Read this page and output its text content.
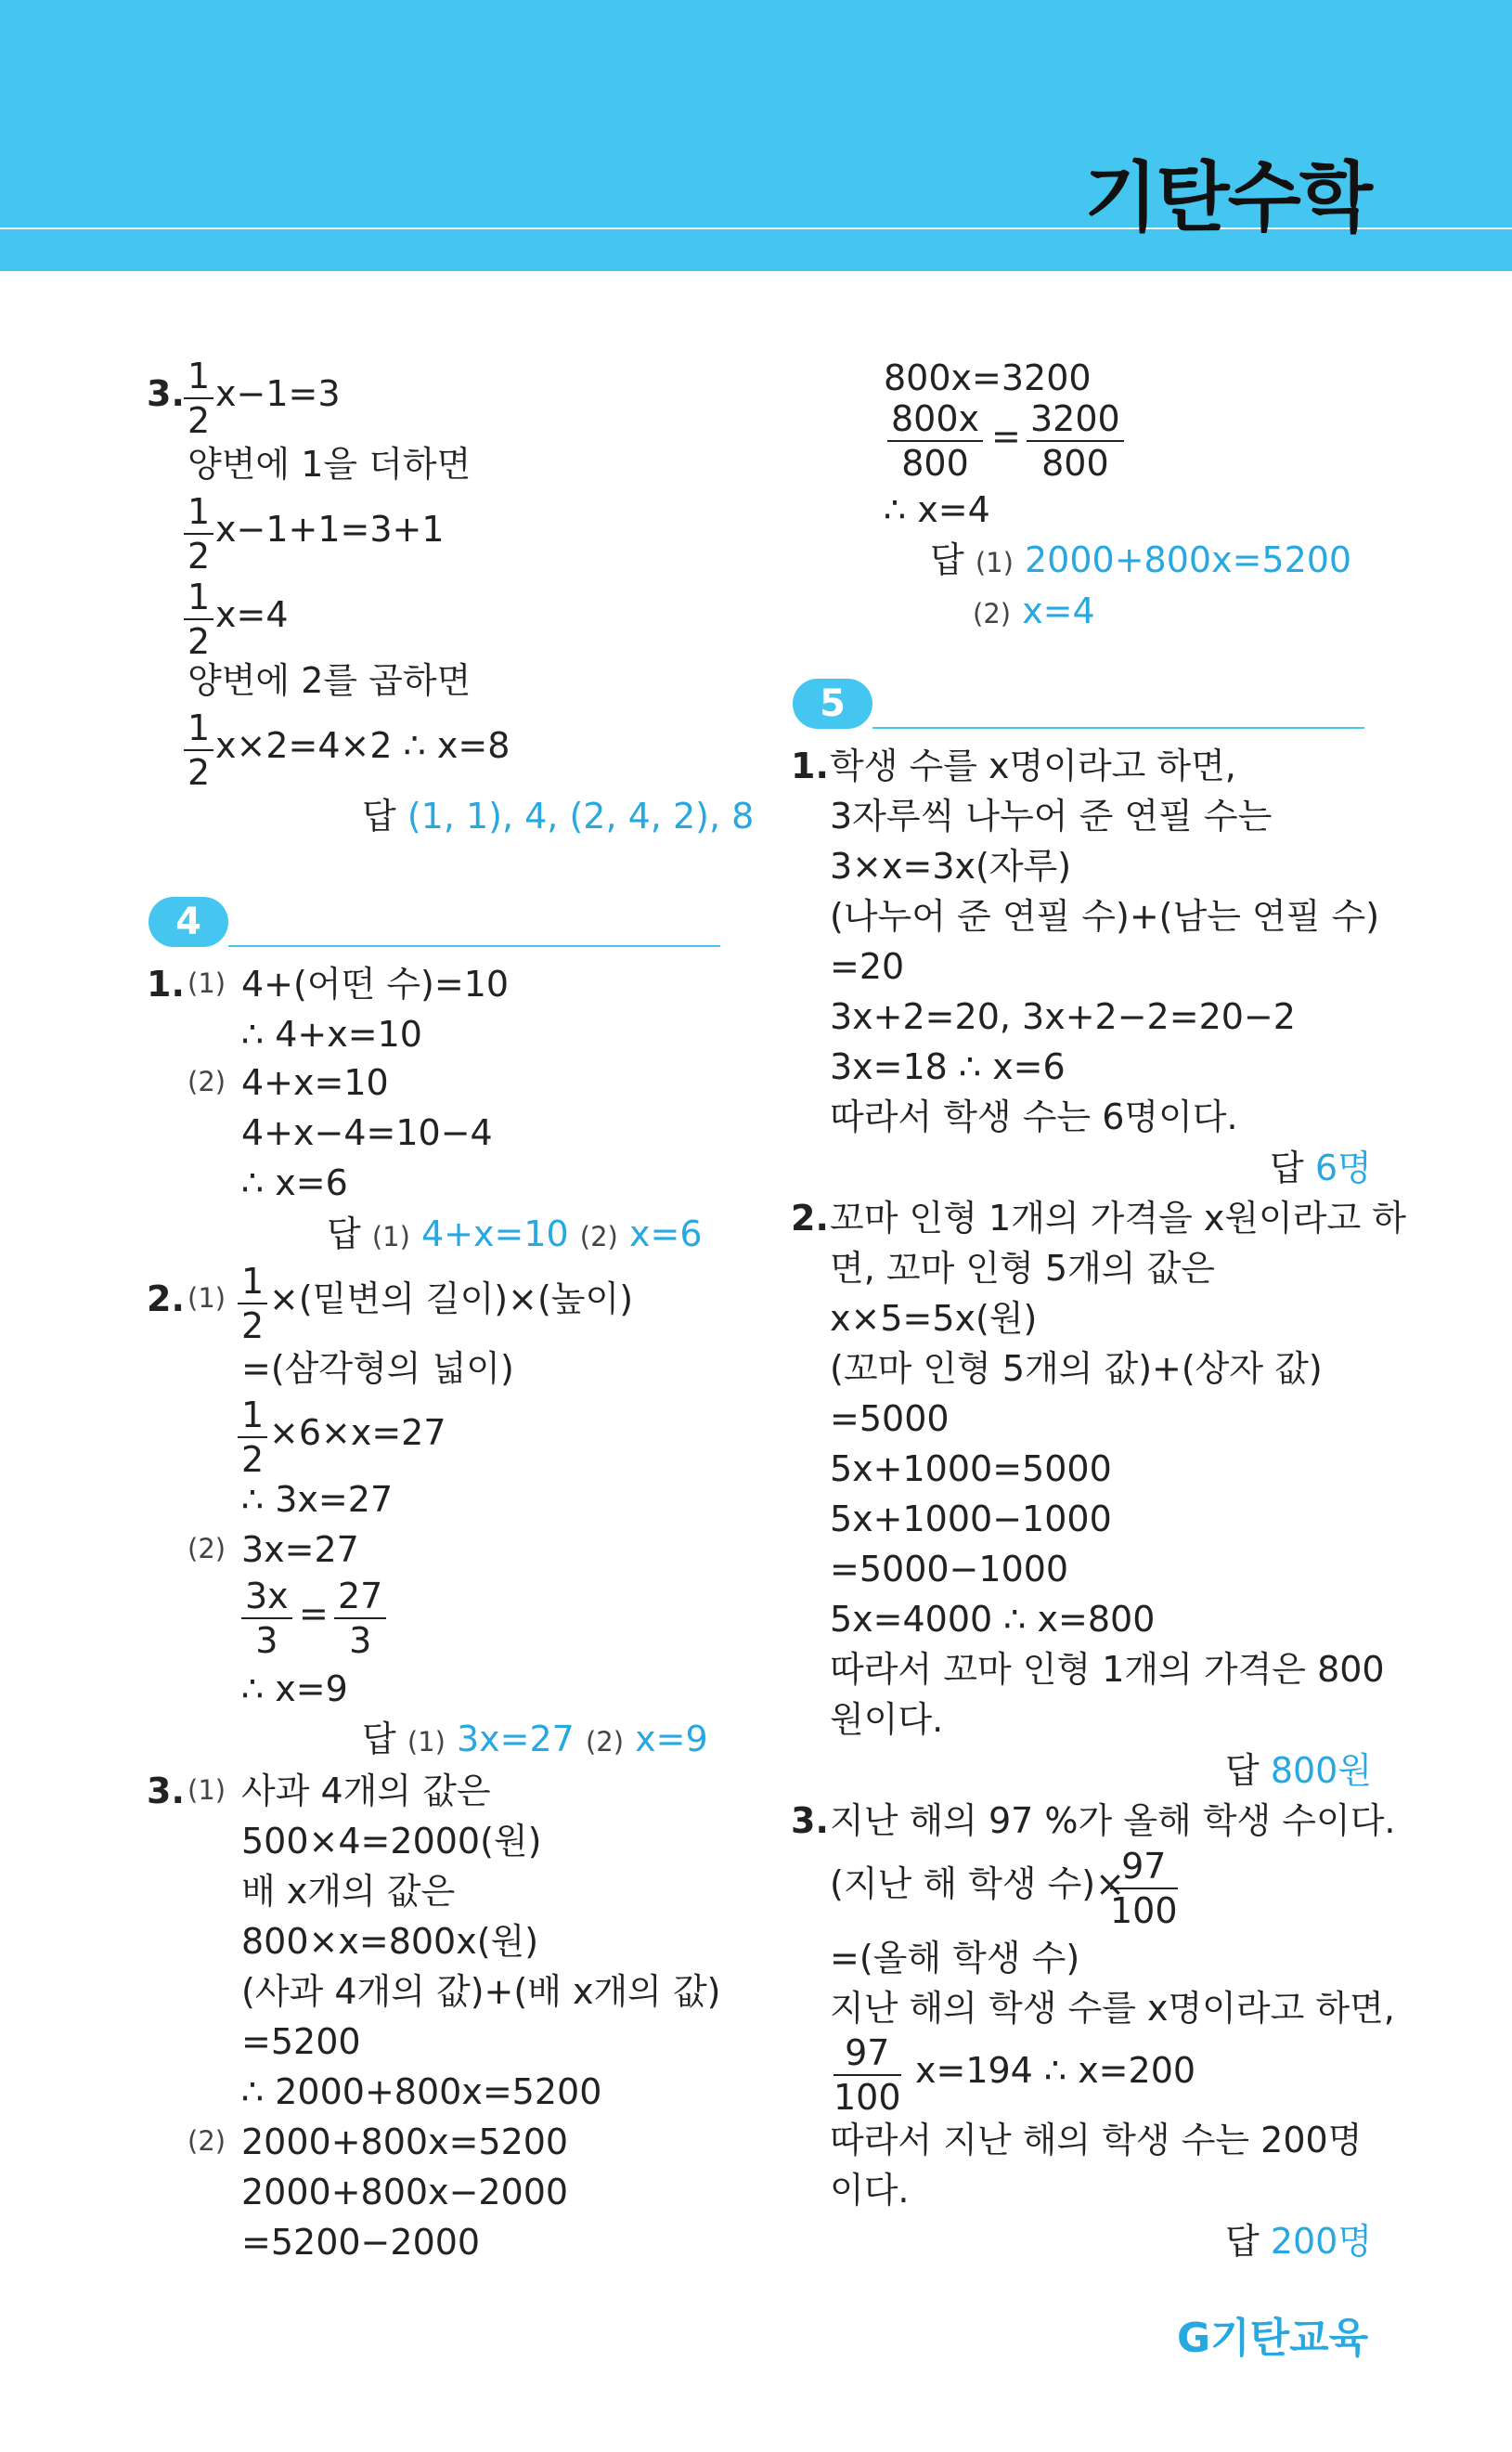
기탄수학
3. $\frac{1}{2} x-1=3$
양변에 1을 더하면
$\frac{1}{2} x-1+1=3+1$
$\frac{1}{2} x=4$
양변에 2를 곱하면
$\frac{1}{2} x\times 2=4\times 2$ ∴ x=8
답 (1, 1), 4, (2, 4, 2), 8
4
1. (1) 4+(어떤 수)=10
∴ 4+x=10
(2) 4+x=10
4+x−4=10−4
∴ x=6
답 (1) 4+x=10 (2) x=6
2. $(1) \frac{1}{2}$ ×(밑변의 길이)×(높이)
=(삼각형의 넓이)
$\frac{1}{2} \times 6\times x=27$
∴ 3x=27
(2) 3x=27
$\frac{3x}{3} = \frac{27}{3}$
∴ x=9
답 (1) 3x=27 (2) x=9
3. (1) 사과 4개의 값은
500×4=2000(원)
배 x개의 값은
800×x=800x(원)
(사과 4개의 값)+(배 x개의 값)
=5200
∴ 2000+800x=5200
(2) 2000+800x=5200
2000+800x−2000
=5200−2000
800x=3200
$\frac{800x}{800} = \frac{3200}{800}$
∴ x=4
답 (1) 2000+800x=5200
(2) x=4
5
1. 학생 수를 x명이라고 하면,
3자루씩 나누어 준 연필 수는
3×x=3x(자루)
(나누어 준 연필 수)+(남는 연필 수)
=20
3x+2=20, 3x+2−2=20−2
3x=18 ∴ x=6
따라서 학생 수는 6명이다.
답 6명
2. 꼬마 인형 1개의 가격을 x원이라고 하
면, 꼬마 인형 5개의 값은
x×5=5x(원)
(꼬마 인형 5개의 값)+(상자 값)
=5000
5x+1000=5000
5x+1000−1000
=5000−1000
5x=4000 ∴ x=800
따라서 꼬마 인형 1개의 가격은 800
원이다.
답 800원
3. 지난 해의 97 %가 올해 학생 수이다.
(지난 해 학생 수)×
$\frac{97}{100}$
=(올해 학생 수)
지난 해의 학생 수를 x명이라고 하면,
$\frac{97}{100} x=194$ ∴ x=200
따라서 지난 해의 학생 수는 200명
이다.
답 200명
G기탄교육
